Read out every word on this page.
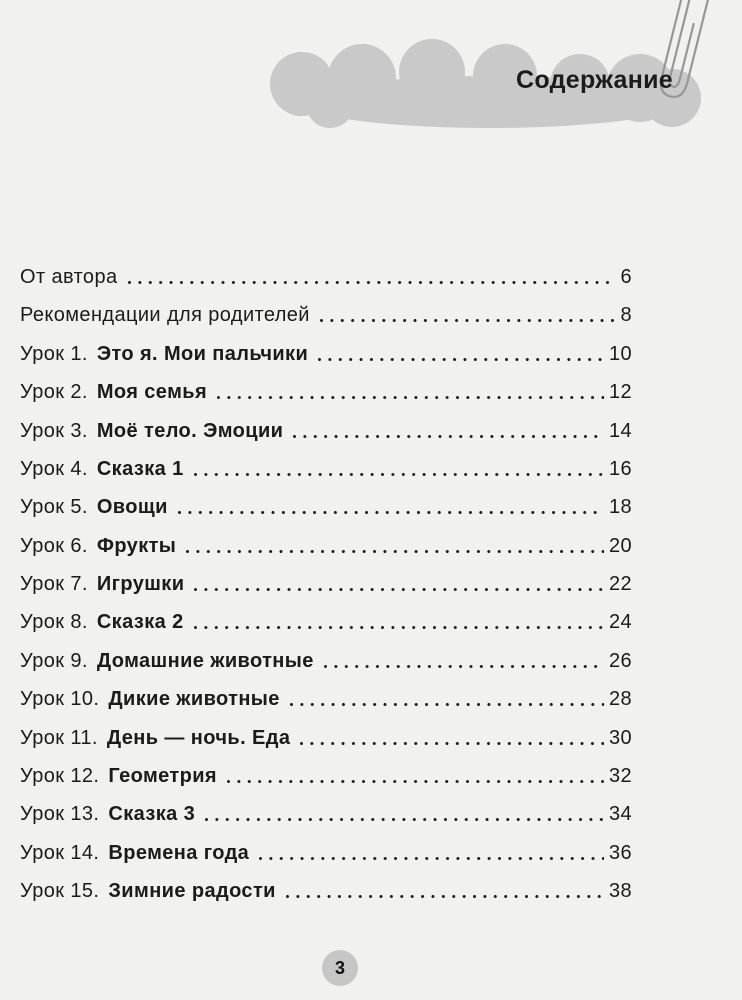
Содержание
От автора	6
Рекомендации для родителей	8
Урок 1. Это я. Мои пальчики	10
Урок 2. Моя семья	12
Урок 3. Моё тело. Эмоции	14
Урок 4. Сказка 1	16
Урок 5. Овощи	18
Урок 6. Фрукты	20
Урок 7. Игрушки	22
Урок 8. Сказка 2	24
Урок 9. Домашние животные	26
Урок 10. Дикие животные	28
Урок 11. День — ночь. Еда	30
Урок 12. Геометрия	32
Урок 13. Сказка 3	34
Урок 14. Времена года	36
Урок 15. Зимние радости	38
3
